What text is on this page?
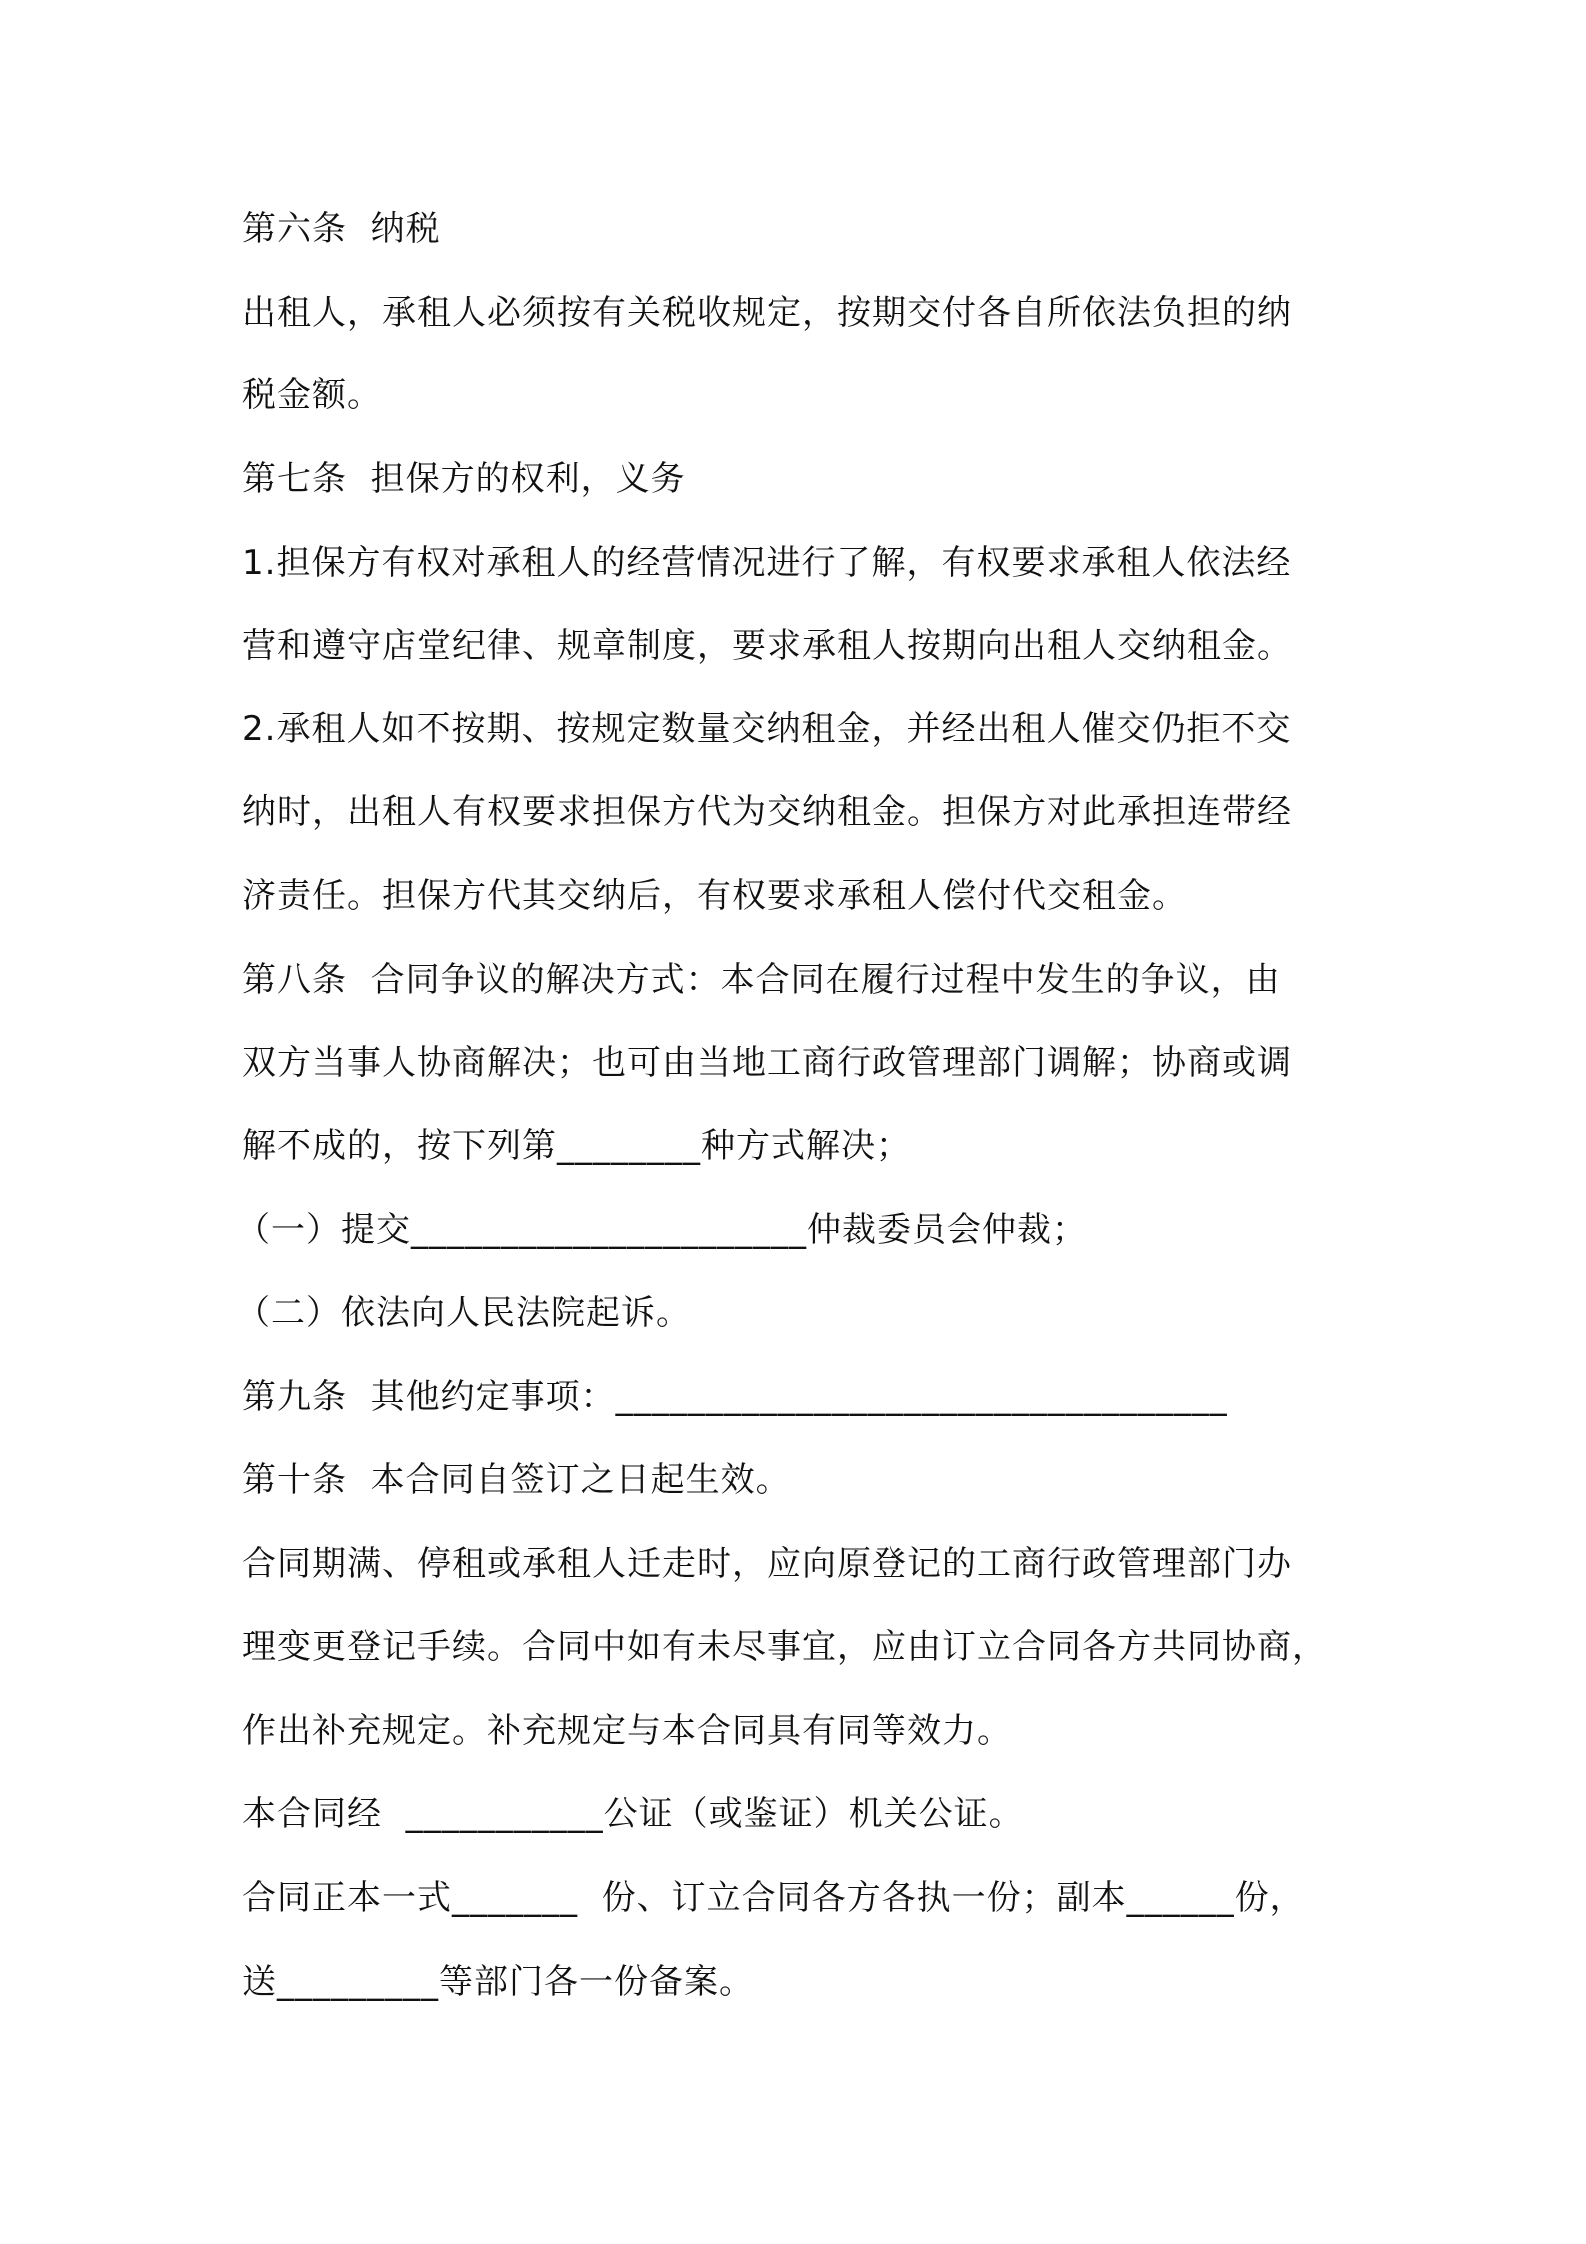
第六条  纳税
出租人，承租人必须按有关税收规定，按期交付各自所依法负担的纳
税金额。
第七条  担保方的权利，义务
1.担保方有权对承租人的经营情况进行了解，有权要求承租人依法经
营和遵守店堂纪律、规章制度，要求承租人按期向出租人交纳租金。
2.承租人如不按期、按规定数量交纳租金，并经出租人催交仍拒不交
纳时，出租人有权要求担保方代为交纳租金。担保方对此承担连带经
济责任。担保方代其交纳后，有权要求承租人偿付代交租金。
第八条  合同争议的解决方式：本合同在履行过程中发生的争议，由
双方当事人协商解决；也可由当地工商行政管理部门调解；协商或调
解不成的，按下列第________种方式解决；
（一）提交______________________仲裁委员会仲裁；
（二）依法向人民法院起诉。
第九条  其他约定事项：__________________________________
第十条  本合同自签订之日起生效。
合同期满、停租或承租人迁走时，应向原登记的工商行政管理部门办
理变更登记手续。合同中如有未尽事宜，应由订立合同各方共同协商，
作出补充规定。补充规定与本合同具有同等效力。
本合同经  ___________公证（或鉴证）机关公证。
合同正本一式_______  份、订立合同各方各执一份；副本______份，
送_________等部门各一份备案。
